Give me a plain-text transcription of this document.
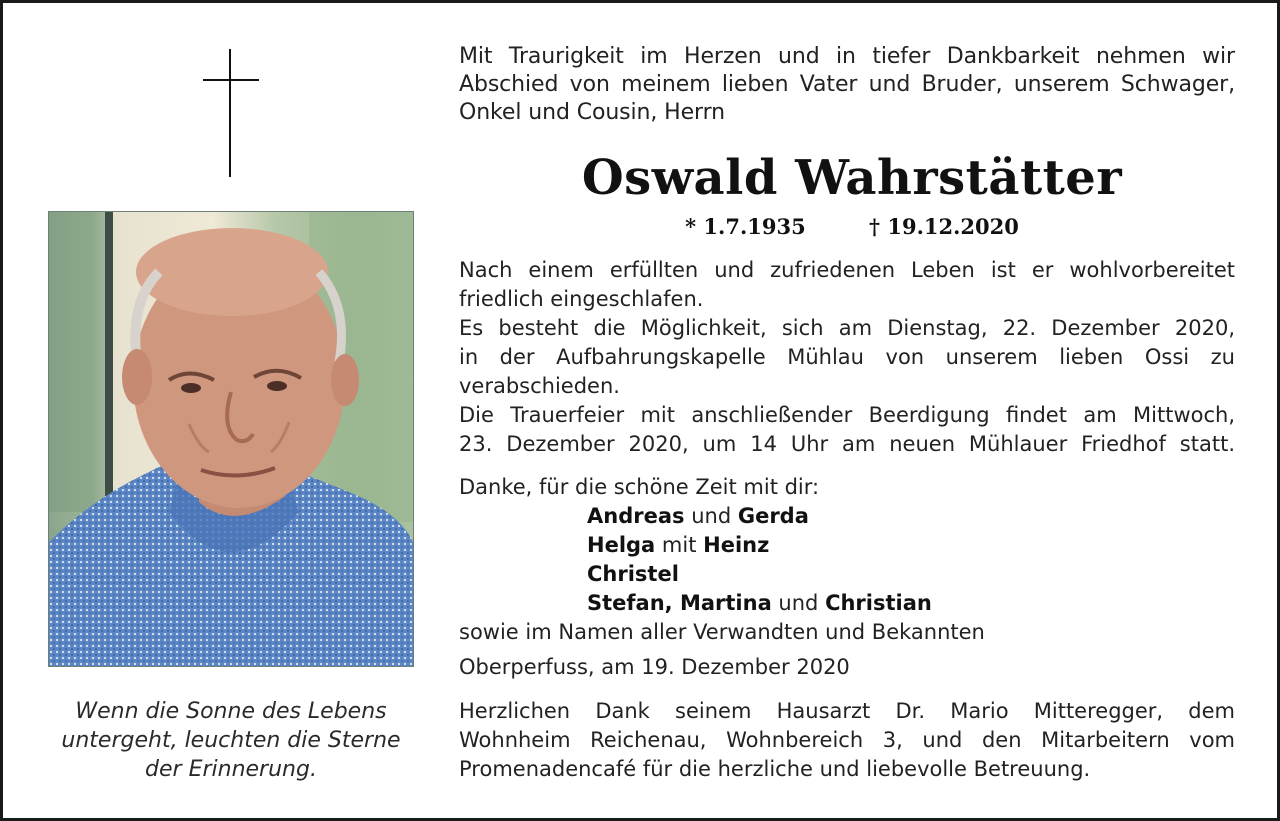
Wenn die Sonne des Lebens
untergeht, leuchten die Sterne
der Erinnerung.
Mit Traurigkeit im Herzen und in tiefer Dankbarkeit nehmen wir
Abschied von meinem lieben Vater und Bruder, unserem Schwager,
Onkel und Cousin, Herrn
Oswald Wahrstätter
* 1.7.1935	† 19.12.2020
Nach einem erfüllten und zufriedenen Leben ist er wohlvorbereitet
friedlich eingeschlafen.
Es besteht die Möglichkeit, sich am Dienstag, 22. Dezember 2020,
in der Aufbahrungskapelle Mühlau von unserem lieben Ossi zu
verabschieden.
Die Trauerfeier mit anschließender Beerdigung findet am Mittwoch,
23. Dezember 2020, um 14 Uhr am neuen Mühlauer Friedhof statt.
Danke, für die schöne Zeit mit dir:
Andreas und Gerda
Helga mit Heinz
Christel
Stefan, Martina und Christian
sowie im Namen aller Verwandten und Bekannten
Oberperfuss, am 19. Dezember 2020
Herzlichen Dank seinem Hausarzt Dr. Mario Mitteregger, dem
Wohnheim Reichenau, Wohnbereich 3, und den Mitarbeitern vom
Promenadencafé für die herzliche und liebevolle Betreuung.
